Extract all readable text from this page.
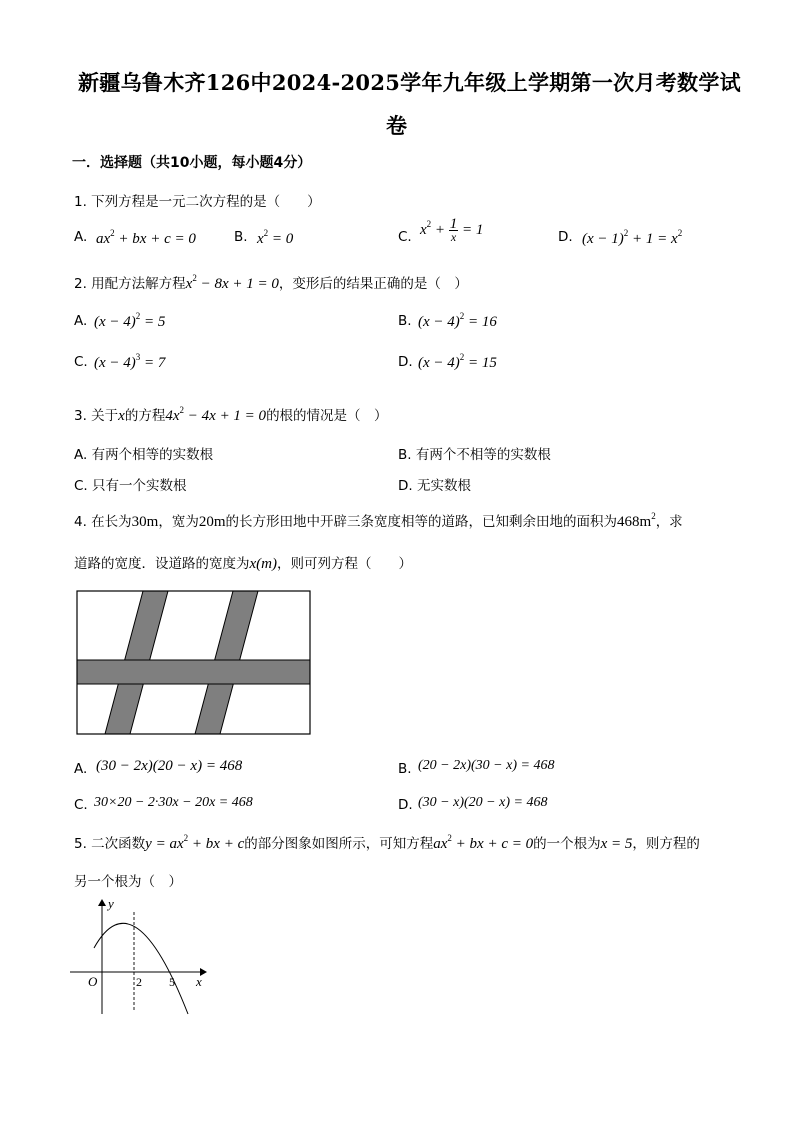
新疆乌鲁木齐126中2024-2025学年九年级上学期第一次月考数学试
卷
一．选择题（共10小题，每小题4分）
1. 下列方程是一元二次方程的是（　　）
A. $ax^2$ + bx + c = 0	B. $x^2 = 0$	C. $x^2 + \frac{1}{x} = 1$	D. $(x - 1)^2 + 1 = x^2$
2. 用配方法解方程$x^2 - 8x + 1 = 0$，变形后的结果正确的是（　）
A. $(x - 4)^2 = 5$	B. $(x - 4)^2 = 16$
C. $(x - 4)^3 = 7$	D. $(x - 4)^2 = 15$
3. 关于x的方程$4x^2 - 4x + 1 = 0$的根的情况是（　）
A. 有两个相等的实数根	B. 有两个不相等的实数根
C. 只有一个实数根	D. 无实数根
4. 在长为30m，宽为20m的长方形田地中开辟三条宽度相等的道路，已知剩余田地的面积为$468m^2$，求
道路的宽度．设道路的宽度为x(m)，则可列方程（　　）
A. (30 − 2x)(20 − x) = 468	B. (20 − 2x)(30 − x) = 468
C. 30×20 − 2·30x − 20x = 468	D. (30 − x)(20 − x) = 468
5. 二次函数$y = ax^2$ + bx + c的部分图象如图所示，可知方程$ax^2$ + bx + c = 0的一个根为x = 5，则方程的
另一个根为（　）
y
x
O	2 5
